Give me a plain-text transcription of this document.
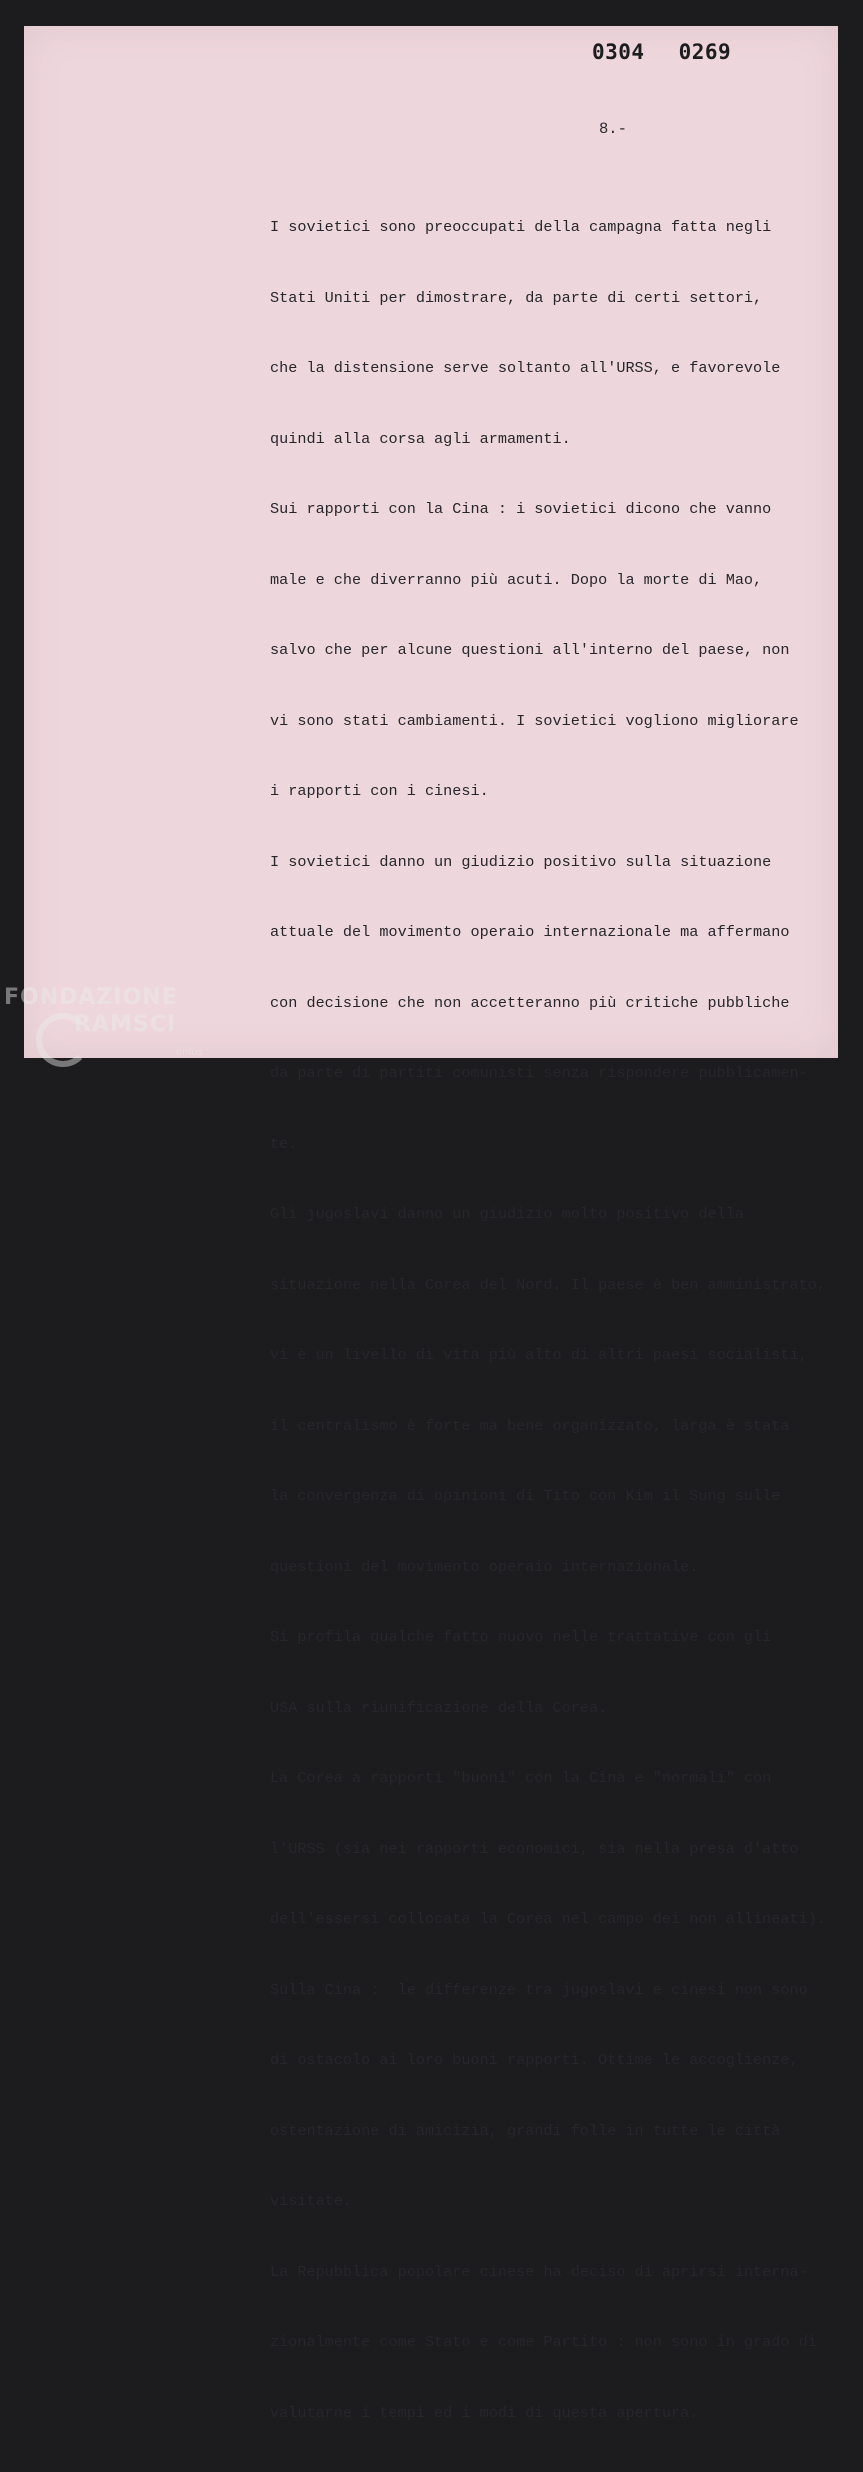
0304 0269
8.-

I sovietici sono preoccupati della campagna fatta negli

Stati Uniti per dimostrare, da parte di certi settori,

che la distensione serve soltanto all'URSS, e favorevole

quindi alla corsa agli armamenti.

Sui rapporti con la Cina : i sovietici dicono che vanno

male e che diverranno più acuti. Dopo la morte di Mao,

salvo che per alcune questioni all'interno del paese, non

vi sono stati cambiamenti. I sovietici vogliono migliorare

i rapporti con i cinesi.

I sovietici danno un giudizio positivo sulla situazione

attuale del movimento operaio internazionale ma affermano

con decisione che non accetteranno più critiche pubbliche

da parte di partiti comunisti senza rispondere pubblicamen-

te.

Gli jugoslavi danno un giudizio molto positivo della

situazione nella Corea del Nord. Il paese è ben amministrato,

vi è un livello di vita più alto di altri paesi socialisti,

il centralismo è forte ma bene organizzato, larga è stata

la convergenza di opinioni di Tito con Kim il Sung sulle

questioni del movimento operaio internazionale.

Si profila qualche fatto nuovo nelle trattative con gli

USA sulla riunificazione della Corea.

La Corea a rapporti "buoni" con la Cina e "normali" con

l'URSS (sia nei rapporti economici, sia nella presa d'atto

dell'essersi collocata la Corea nel campo dei non allineati).

Sulla Cina :  le differenze tra jugoslavi e cinesi non sono

di ostacolo ai loro buoni rapporti. Ottime le accoglienze,

ostentazione di amicizia, grandi folle in tutte le città

visitate.

La Repubblica popolare cinese ha deciso di aprirsi interna-

zionalmente come Stato e come Partito : non sono in grado di

valutarne i tempi ed i modi di questa apertura.

FONDAZIONE
RAMSCI
onlus
